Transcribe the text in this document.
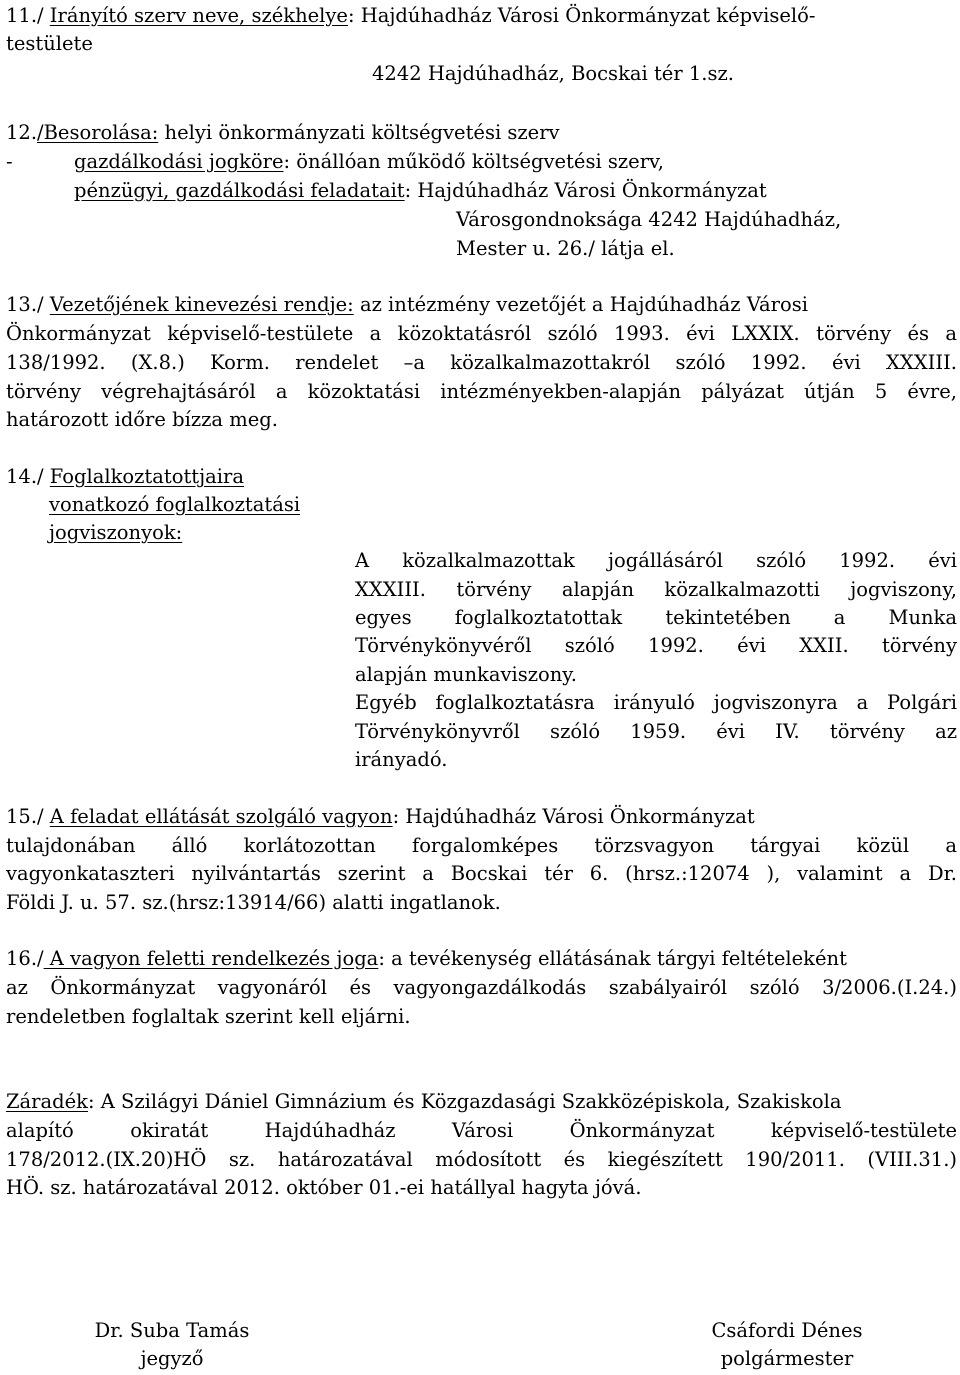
11./ Irányító szerv neve, székhelye: Hajdúhadház Városi Önkormányzat képviselő-
testülete
4242 Hajdúhadház, Bocskai tér 1.sz.
12./Besorolása: helyi önkormányzati költségvetési szerv
-	gazdálkodási jogköre: önállóan működő költségvetési szerv,
pénzügyi, gazdálkodási feladatait: Hajdúhadház Városi Önkormányzat
Városgondnoksága 4242 Hajdúhadház,
Mester u. 26./ látja el.
13./ Vezetőjének kinevezési rendje: az intézmény vezetőjét a Hajdúhadház Városi
Önkormányzat képviselő-testülete a közoktatásról szóló 1993. évi LXXIX. törvény és a
138/1992. (X.8.) Korm. rendelet –a közalkalmazottakról szóló 1992. évi XXXIII.
törvény végrehajtásáról a közoktatási intézményekben-alapján pályázat útján 5 évre,
határozott időre bízza meg.
14./ Foglalkoztatottjaira
vonatkozó foglalkoztatási
jogviszonyok:
A közalkalmazottak jogállásáról szóló 1992. évi
XXXIII. törvény alapján közalkalmazotti jogviszony,
egyes foglalkoztatottak tekintetében a Munka
Törvénykönyvéről szóló 1992. évi XXII. törvény
alapján munkaviszony.
Egyéb foglalkoztatásra irányuló jogviszonyra a Polgári
Törvénykönyvről szóló 1959. évi IV. törvény az
irányadó.
15./ A feladat ellátását szolgáló vagyon: Hajdúhadház Városi Önkormányzat
tulajdonában álló korlátozottan forgalomképes törzsvagyon tárgyai közül a
vagyonkataszteri nyilvántartás szerint a Bocskai tér 6. (hrsz.:12074 ), valamint a Dr.
Földi J. u. 57. sz.(hrsz:13914/66) alatti ingatlanok.
16./ A vagyon feletti rendelkezés joga: a tevékenység ellátásának tárgyi feltételeként
az Önkormányzat vagyonáról és vagyongazdálkodás szabályairól szóló 3/2006.(I.24.)
rendeletben foglaltak szerint kell eljárni.
Záradék: A Szilágyi Dániel Gimnázium és Közgazdasági Szakközépiskola, Szakiskola
alapító okiratát Hajdúhadház Városi Önkormányzat képviselő-testülete
178/2012.(IX.20)HÖ sz. határozatával módosított és kiegészített 190/2011. (VIII.31.)
HÖ. sz. határozatával 2012. október 01.-ei hatállyal hagyta jóvá.
Dr. Suba Tamás
jegyző
Csáfordi Dénes
polgármester
